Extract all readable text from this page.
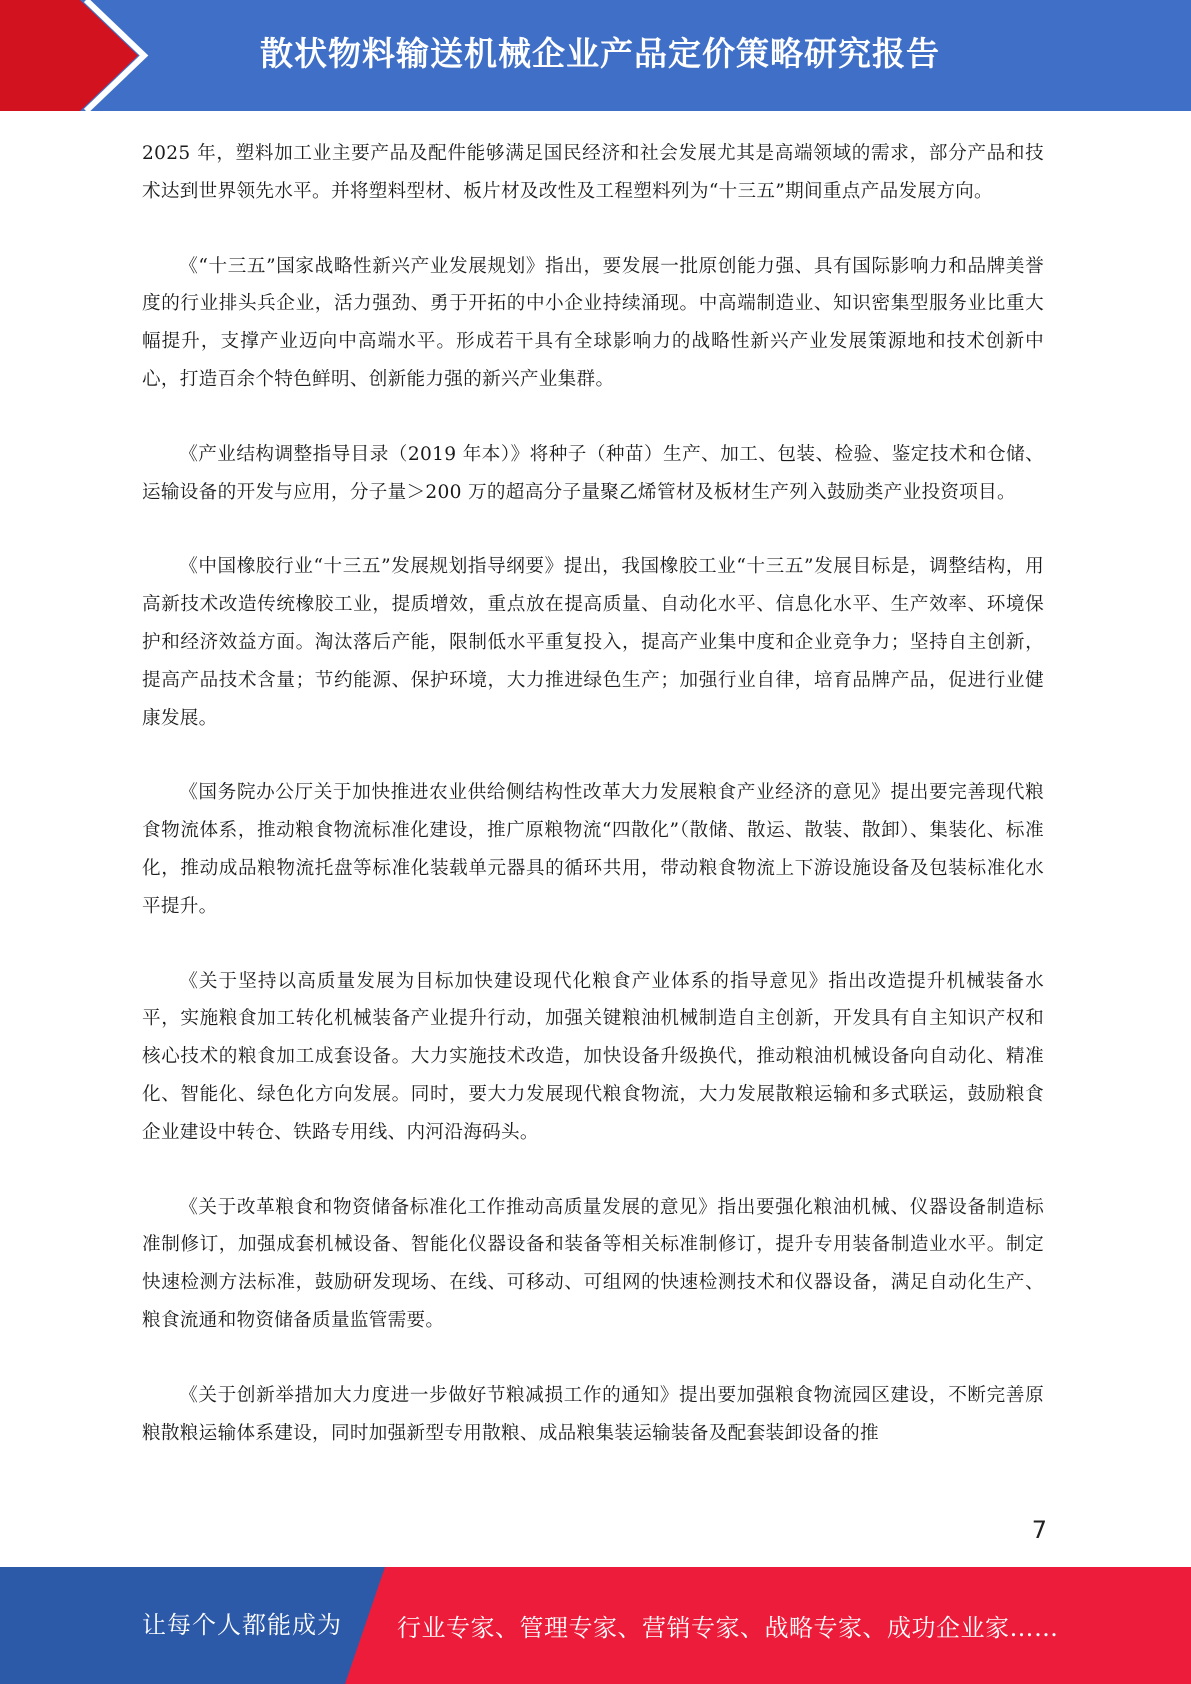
散状物料输送机械企业产品定价策略研究报告

2025 年，塑料加工业主要产品及配件能够满足国民经济和社会发展尤其是高端领域的需求，部分产品和技术达到世界领先水平。并将塑料型材、板片材及改性及工程塑料列为“十三五”期间重点产品发展方向。

《“十三五”国家战略性新兴产业发展规划》指出，要发展一批原创能力强、具有国际影响力和品牌美誉度的行业排头兵企业，活力强劲、勇于开拓的中小企业持续涌现。中高端制造业、知识密集型服务业比重大幅提升，支撑产业迈向中高端水平。形成若干具有全球影响力的战略性新兴产业发展策源地和技术创新中心，打造百余个特色鲜明、创新能力强的新兴产业集群。

《产业结构调整指导目录（2019 年本）》将种子（种苗）生产、加工、包装、检验、鉴定技术和仓储、运输设备的开发与应用，分子量＞200 万的超高分子量聚乙烯管材及板材生产列入鼓励类产业投资项目。

《中国橡胶行业“十三五”发展规划指导纲要》提出，我国橡胶工业“十三五”发展目标是，调整结构，用高新技术改造传统橡胶工业，提质增效，重点放在提高质量、自动化水平、信息化水平、生产效率、环境保护和经济效益方面。淘汰落后产能，限制低水平重复投入，提高产业集中度和企业竞争力；坚持自主创新，提高产品技术含量；节约能源、保护环境，大力推进绿色生产；加强行业自律，培育品牌产品，促进行业健康发展。

《国务院办公厅关于加快推进农业供给侧结构性改革大力发展粮食产业经济的意见》提出要完善现代粮食物流体系，推动粮食物流标准化建设，推广原粮物流“四散化”（散储、散运、散装、散卸）、集装化、标准化，推动成品粮物流托盘等标准化装载单元器具的循环共用，带动粮食物流上下游设施设备及包装标准化水平提升。

《关于坚持以高质量发展为目标加快建设现代化粮食产业体系的指导意见》指出改造提升机械装备水平，实施粮食加工转化机械装备产业提升行动，加强关键粮油机械制造自主创新，开发具有自主知识产权和核心技术的粮食加工成套设备。大力实施技术改造，加快设备升级换代，推动粮油机械设备向自动化、精准化、智能化、绿色化方向发展。同时，要大力发展现代粮食物流，大力发展散粮运输和多式联运，鼓励粮食企业建设中转仓、铁路专用线、内河沿海码头。

《关于改革粮食和物资储备标准化工作推动高质量发展的意见》指出要强化粮油机械、仪器设备制造标准制修订，加强成套机械设备、智能化仪器设备和装备等相关标准制修订，提升专用装备制造业水平。制定快速检测方法标准，鼓励研发现场、在线、可移动、可组网的快速检测技术和仪器设备，满足自动化生产、粮食流通和物资储备质量监管需要。

《关于创新举措加大力度进一步做好节粮减损工作的通知》提出要加强粮食物流园区建设，不断完善原粮散粮运输体系建设，同时加强新型专用散粮、成品粮集装运输装备及配套装卸设备的推

7
让每个人都能成为 行业专家、管理专家、营销专家、战略专家、成功企业家……
